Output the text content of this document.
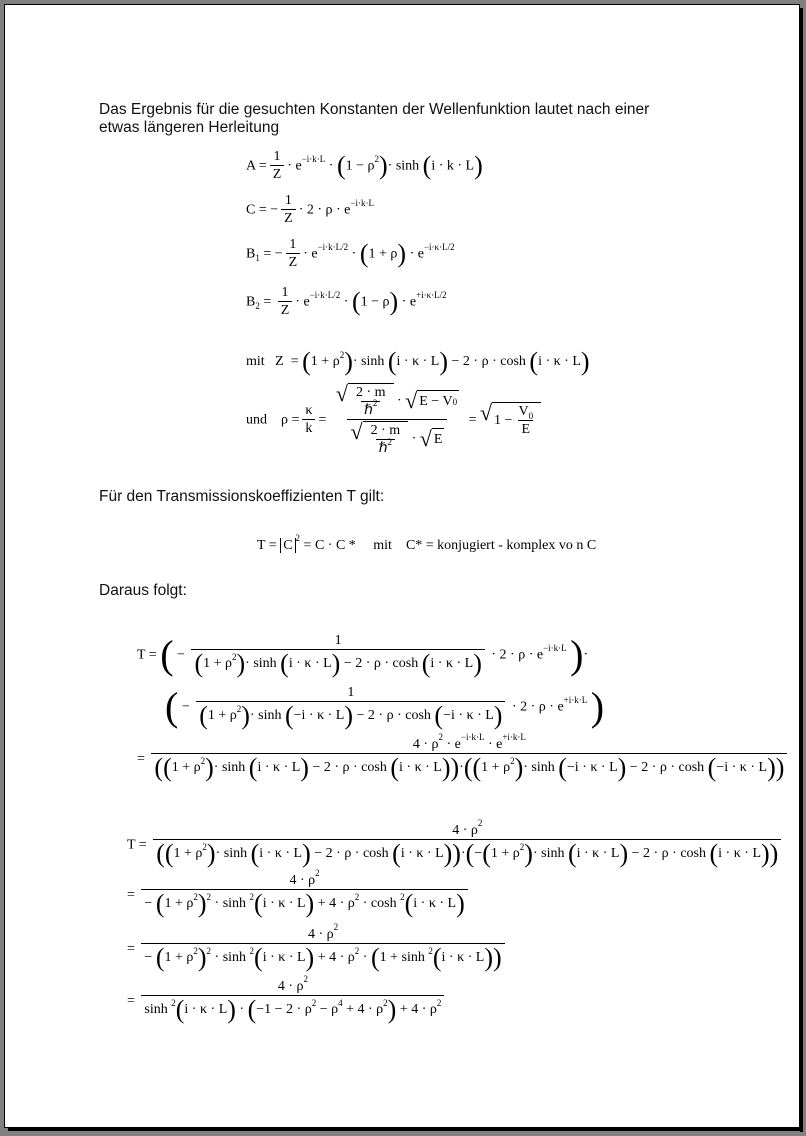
Das Ergebnis für die gesuchten Konstanten der Wellenfunktion lautet nach einer
etwas längeren Herleitung
$A = \frac{1}{Z} \cdot e^{-i\cdot k\cdot L} \cdot (1 - \rho^2)\cdot \sinh (i \cdot k \cdot L)$
C = − $\frac{1}{Z} \cdot 2 \cdot \rho \cdot e^{-i\cdot k\cdot L}$
$B_1$ = − $\frac{1}{Z} \cdot e^{-i\cdot k\cdot L/2} \cdot (1 + \rho) \cdot e^{-i\cdot\kappa\cdot L/2}$
$B_2 = \frac{1}{Z} \cdot e^{-i\cdot k\cdot L/2} \cdot (1 - \rho) \cdot e^{+i\cdot\kappa\cdot L/2}$
mit   $Z = (1 + \rho^2)\cdot \sinh (i \cdot \kappa \cdot L) - 2 \cdot \rho \cdot \cosh (i \cdot \kappa \cdot L)$
und    $\rho = \frac{\kappa}{k} = \frac{√ \frac{2 \cdot m}{\hbar^2} \cdot √ E - V 0}{√ \frac{2 \cdot m}{\hbar^2} \cdot √ E}$ = √ $1 - \frac{V_0}{E}$
Für den Transmissionskoeffizienten T gilt:
T = C $^2$ = C · C *     mit C* = konjugiert - komplex vo n C
Daraus folgt:
T = ( − $\frac{1}{(1 + \rho^2)\cdot \sinh (i \cdot \kappa \cdot L) - 2 \cdot \rho \cdot \cosh (i \cdot \kappa \cdot L)} \cdot 2 \cdot \rho \cdot e^{-i\cdot k\cdot L}$ )·
( − $\frac{1}{(1 + \rho^2)\cdot \sinh (-i \cdot \kappa \cdot L) - 2 \cdot \rho \cdot \cosh (-i \cdot \kappa \cdot L)} \cdot 2 \cdot \rho \cdot e^{+i\cdot k\cdot L}$ )
=
$4 \cdot \rho^2 \cdot e^{-i\cdot k\cdot L} \cdot e^{+i\cdot k\cdot L}$
$((1 + \rho^2)\cdot \sinh (i \cdot \kappa \cdot L) - 2 \cdot \rho \cdot \cosh (i \cdot \kappa \cdot L))\cdot((1 + \rho^2)\cdot \sinh (-i \cdot \kappa \cdot L) - 2 \cdot \rho \cdot \cosh (-i \cdot \kappa \cdot L))$
T =
$4 \cdot \rho^2$
$((1 + \rho^2)\cdot \sinh (i \cdot \kappa \cdot L) - 2 \cdot \rho \cdot \cosh (i \cdot \kappa \cdot L))\cdot(-(1 + \rho^2)\cdot \sinh (i \cdot \kappa \cdot L) - 2 \cdot \rho \cdot \cosh (i \cdot \kappa \cdot L))$
= $\frac{4 \cdot \rho^2}{- (1 + \rho^2)^2 \cdot \sinh ^2(i \cdot \kappa \cdot L) + 4 \cdot \rho^2 \cdot \cosh ^2(i \cdot \kappa \cdot L)}$
=
$4 \cdot \rho^2$
− $(1 + \rho^2)^2 \cdot \sinh ^2(i \cdot \kappa \cdot L) + 4 \cdot \rho^2 \cdot (1 + \sinh ^2(i \cdot \kappa \cdot L))$
= $\frac{4 \cdot \rho^2}{\sinh ^2(i \cdot \kappa \cdot L) \cdot (-1 - 2 \cdot \rho^2 - \rho^4 + 4 \cdot \rho^2) + 4 \cdot \rho^2}$
